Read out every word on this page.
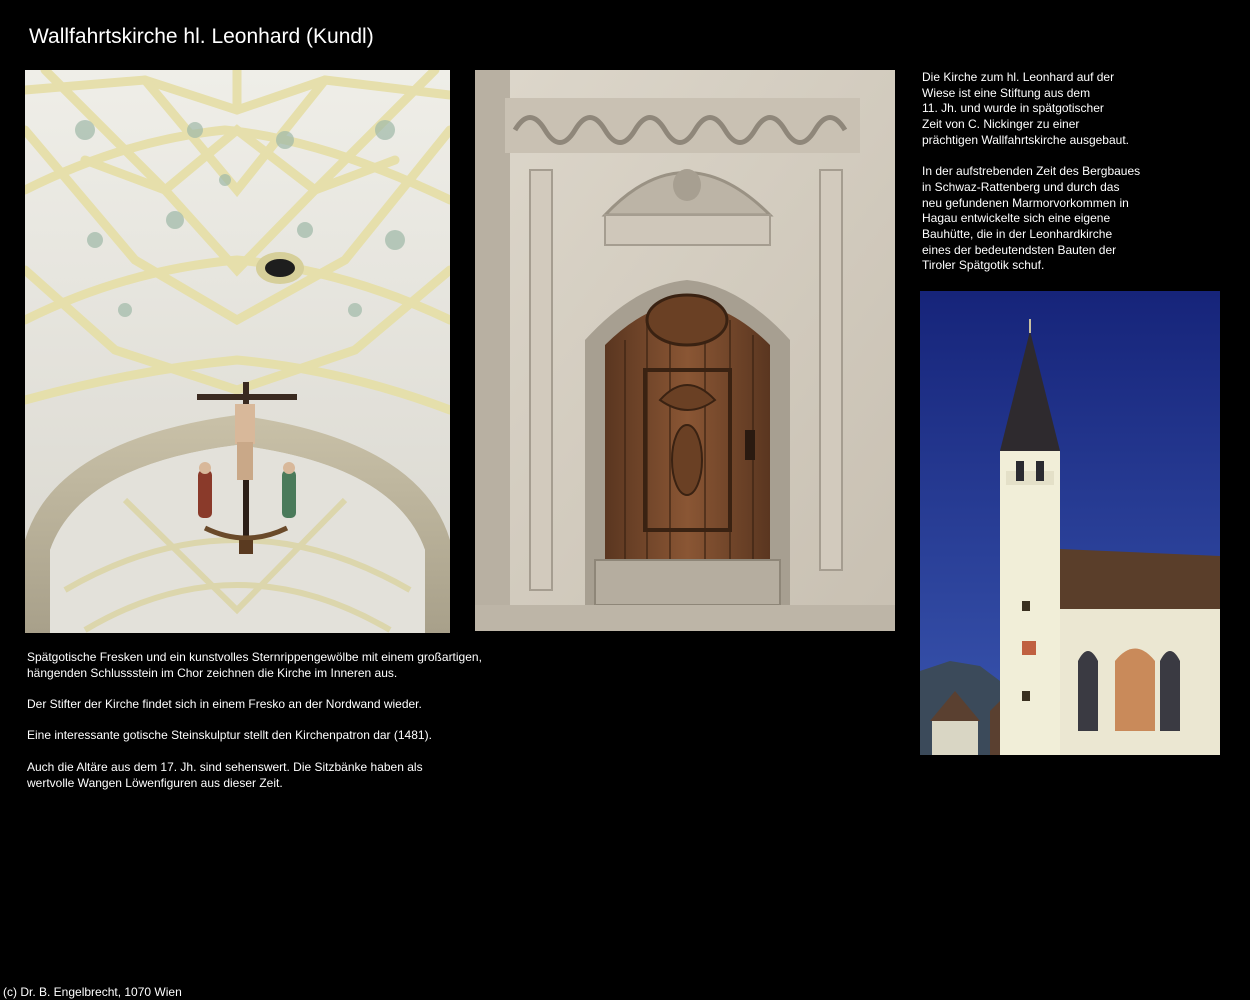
Wallfahrtskirche hl. Leonhard (Kundl)

Die Kirche zum hl. Leonhard auf der
Wiese ist eine Stiftung aus dem
11. Jh. und wurde in spätgotischer
Zeit von C. Nickinger zu einer
prächtigen Wallfahrtskirche ausgebaut.

In der aufstrebenden Zeit des Bergbaues
in Schwaz-Rattenberg und durch das
neu gefundenen Marmorvorkommen in
Hagau entwickelte sich eine eigene
Bauhütte, die in der Leonhardkirche
eines der bedeutendsten Bauten der
Tiroler Spätgotik schuf.

Spätgotische Fresken und ein kunstvolles Sternrippengewölbe mit einem großartigen,
hängenden Schlussstein im Chor zeichnen die Kirche im Inneren aus.

Der Stifter der Kirche findet sich in einem Fresko an der Nordwand wieder.

Eine interessante gotische Steinskulptur stellt den Kirchenpatron dar (1481).

Auch die Altäre aus dem 17. Jh. sind sehenswert. Die Sitzbänke haben als
wertvolle Wangen Löwenfiguren aus dieser Zeit.

(c) Dr. B. Engelbrecht, 1070 Wien
